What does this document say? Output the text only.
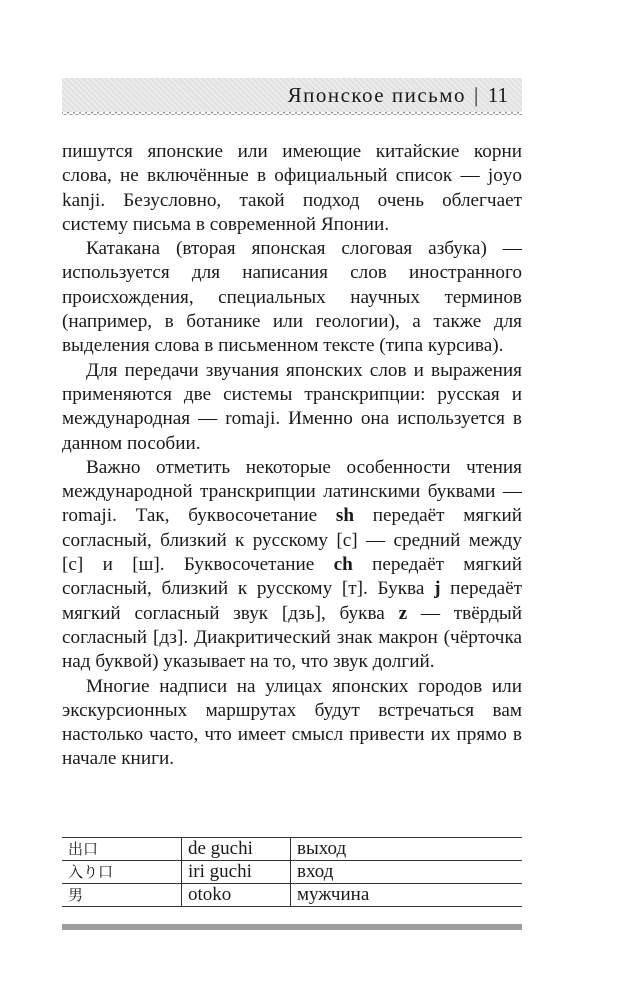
Японское письмо | 11

пишутся японские или имеющие китайские корни слова, не включённые в официальный список — joyo kanji. Безусловно, такой подход очень облегчает систему письма в современной Японии.

Катакана (вторая японская слоговая азбука) — используется для написания слов иностранного происхождения, специальных научных терминов (например, в ботанике или геологии), а также для выделения слова в письменном тексте (типа курсива).

Для передачи звучания японских слов и выражения применяются две системы транскрипции: русская и международная — romaji. Именно она используется в данном пособии.

Важно отметить некоторые особенности чтения международной транскрипции латинскими буквами — romaji. Так, буквосочетание sh передаёт мягкий согласный, близкий к русскому [с] — средний между [с] и [ш]. Буквосочетание ch передаёт мягкий согласный, близкий к русскому [т]. Буква j передаёт мягкий согласный звук [дзь], буква z — твёрдый согласный [дз]. Диакритический знак макрон (чёрточка над буквой) указывает на то, что звук долгий.

Многие надписи на улицах японских городов или экскурсионных маршрутах будут встречаться вам настолько часто, что имеет смысл привести их прямо в начале книги.

出口	de guchi	выход
入り口	iri guchi	вход
男	otoko	мужчина
